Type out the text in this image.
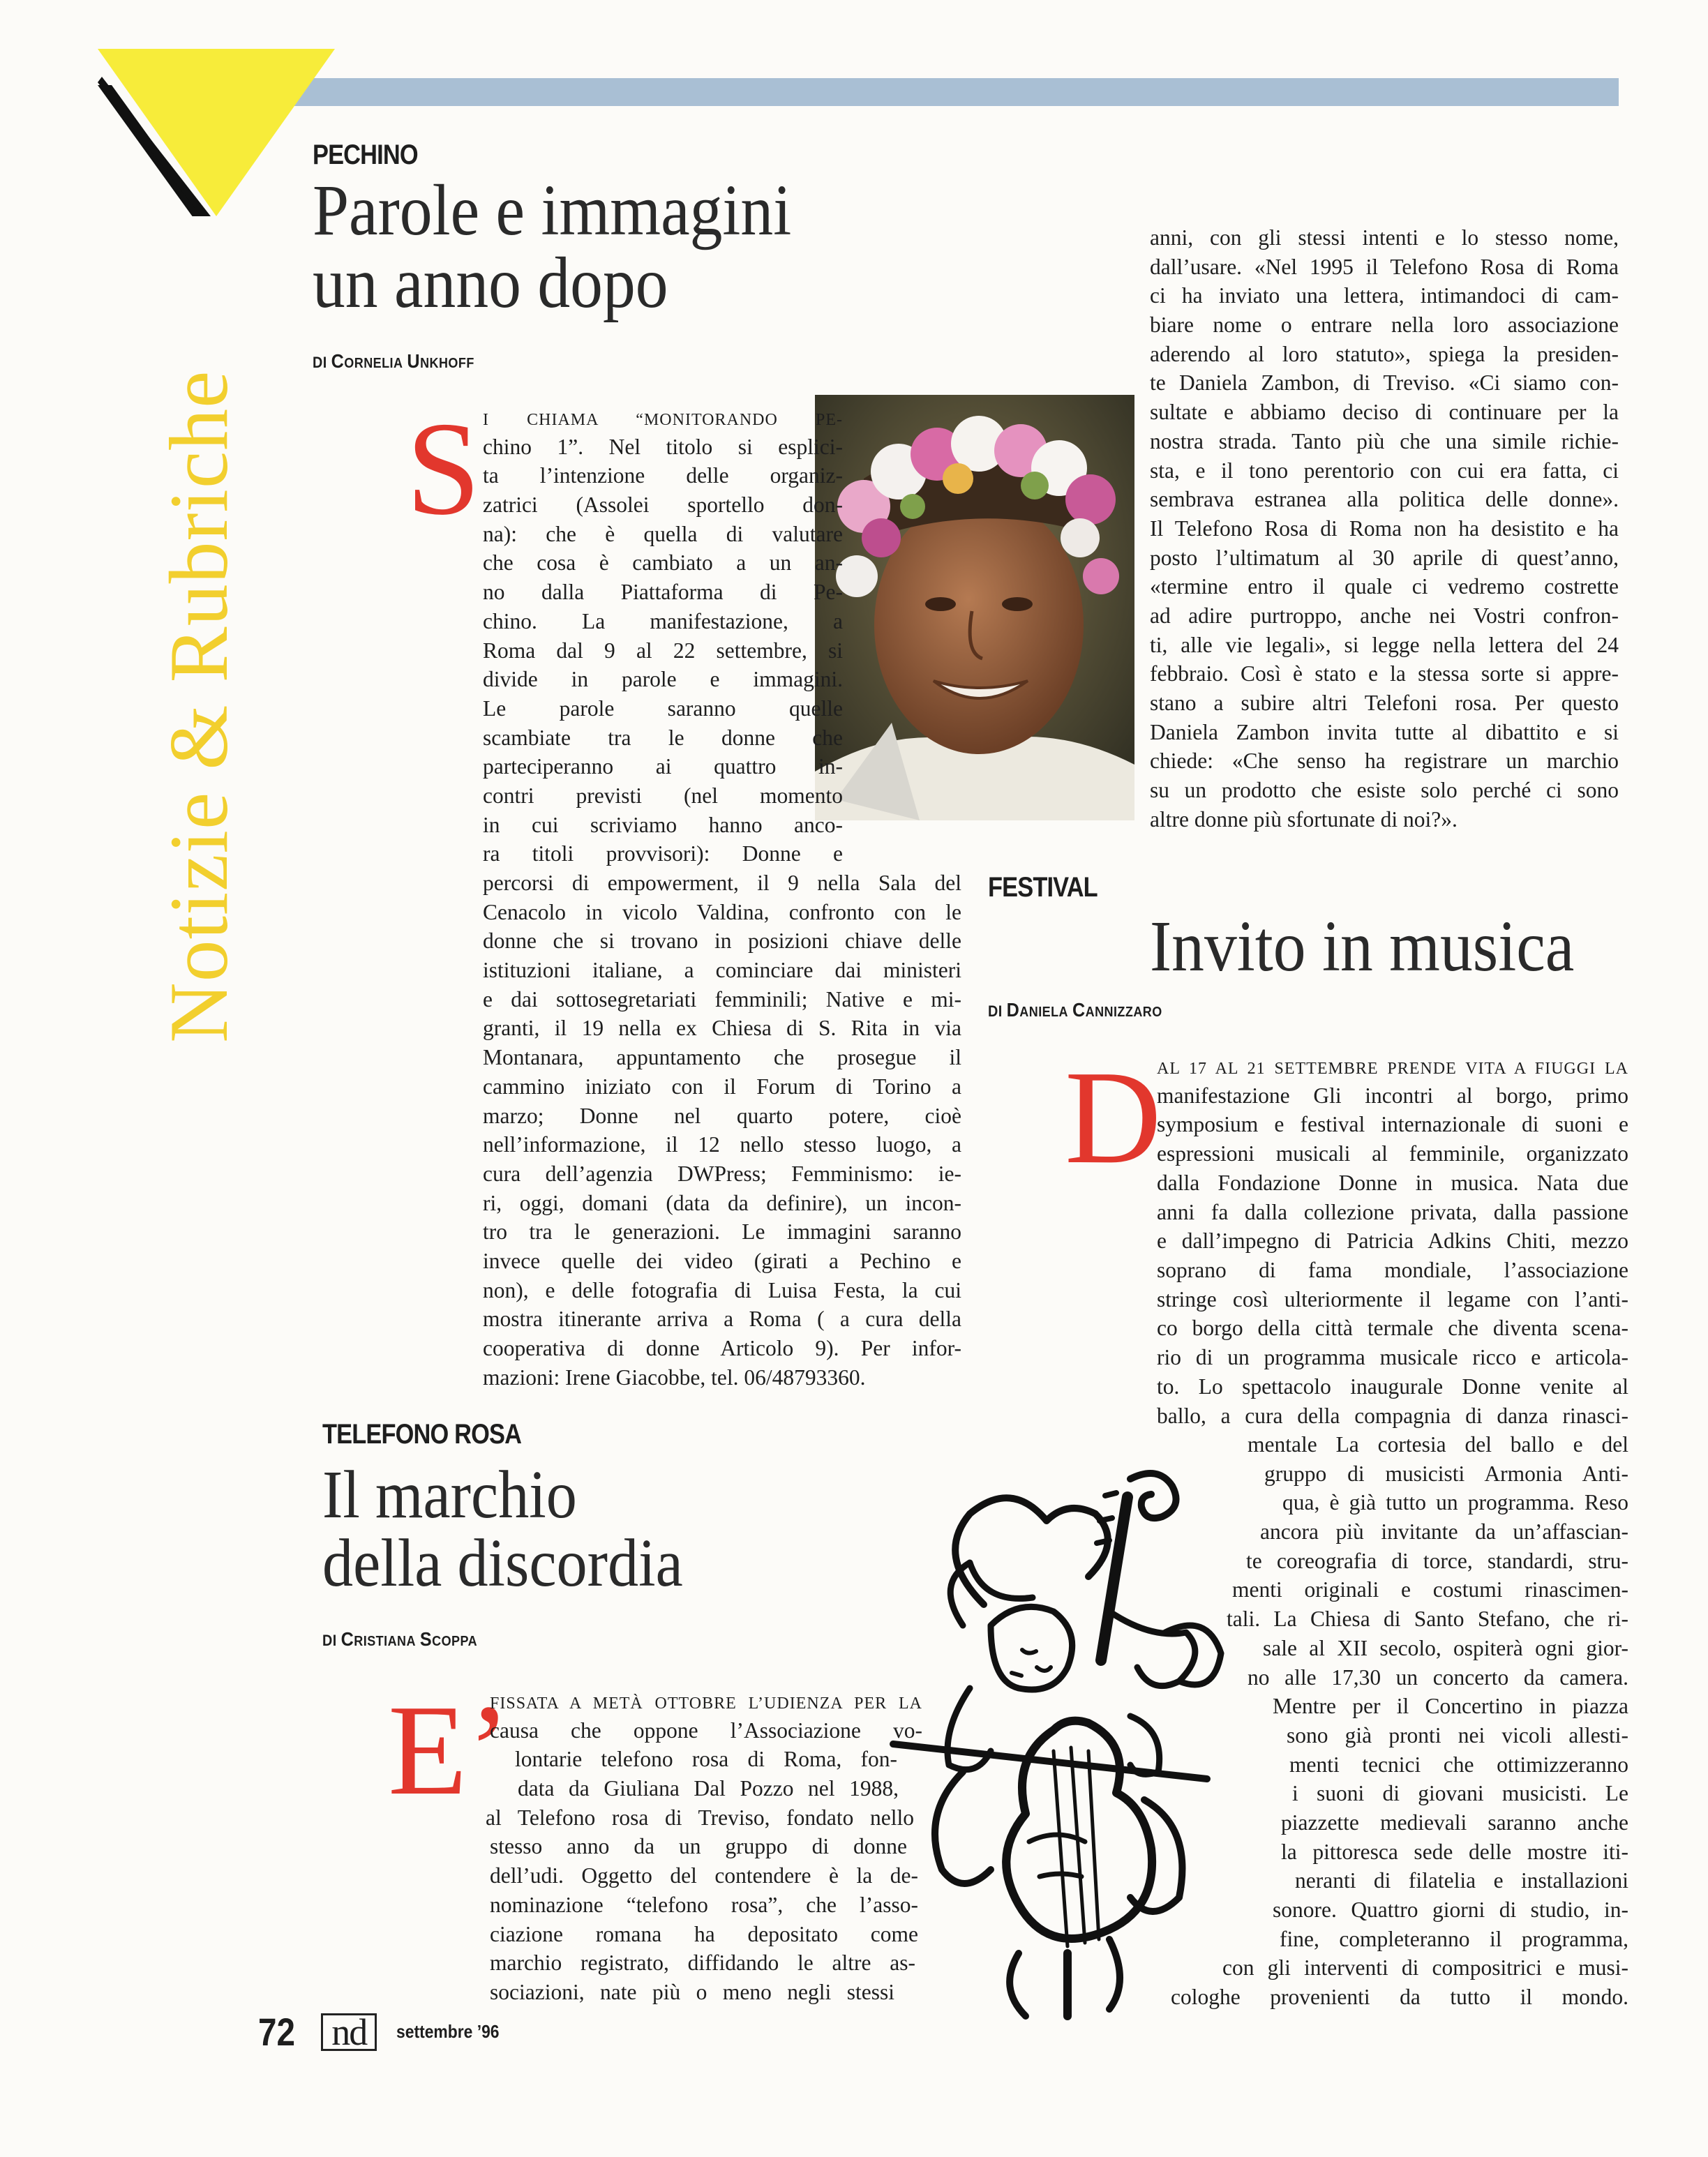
Notizie & Rubriche
PECHINO
Parole e immagini
un anno dopo
DI Cornelia Unkhoff
S I CHIAMA “MONITORANDO PE-
chino 1”. Nel titolo si esplici-
ta l’intenzione delle organiz-
zatrici (Assolei sportello don-
na): che è quella di valutare
che cosa è cambiato a un an-
no dalla Piattaforma di Pe-
chino. La manifestazione, a
Roma dal 9 al 22 settembre, si
divide in parole e immagini.
Le parole saranno quelle
scambiate tra le donne che
parteciperanno ai quattro in-
contri previsti (nel momento
in cui scriviamo hanno anco-
ra titoli provvisori): Donne e
percorsi di empowerment, il 9 nella Sala del
Cenacolo in vicolo Valdina, confronto con le
donne che si trovano in posizioni chiave delle
istituzioni italiane, a cominciare dai ministeri
e dai sottosegretariati femminili; Native e mi-
granti, il 19 nella ex Chiesa di S. Rita in via
Montanara, appuntamento che prosegue il
cammino iniziato con il Forum di Torino a
marzo; Donne nel quarto potere, cioè
nell’informazione, il 12 nello stesso luogo, a
cura dell’agenzia DWPress; Femminismo: ie-
ri, oggi, domani (data da definire), un incon-
tro tra le generazioni. Le immagini saranno
invece quelle dei video (girati a Pechino e
non), e delle fotografia di Luisa Festa, la cui
mostra itinerante arriva a Roma ( a cura della
cooperativa di donne Articolo 9). Per infor-
mazioni: Irene Giacobbe, tel. 06/48793360.
anni, con gli stessi intenti e lo stesso nome,
dall’usare. «Nel 1995 il Telefono Rosa di Roma
ci ha inviato una lettera, intimandoci di cam-
biare nome o entrare nella loro associazione
aderendo al loro statuto», spiega la presiden-
te Daniela Zambon, di Treviso. «Ci siamo con-
sultate e abbiamo deciso di continuare per la
nostra strada. Tanto più che una simile richie-
sta, e il tono perentorio con cui era fatta, ci
sembrava estranea alla politica delle donne».
Il Telefono Rosa di Roma non ha desistito e ha
posto l’ultimatum al 30 aprile di quest’anno,
«termine entro il quale ci vedremo costrette
ad adire purtroppo, anche nei Vostri confron-
ti, alle vie legali», si legge nella lettera del 24
febbraio. Così è stato e la stessa sorte si appre-
stano a subire altri Telefoni rosa. Per questo
Daniela Zambon invita tutte al dibattito e si
chiede: «Che senso ha registrare un marchio
su un prodotto che esiste solo perché ci sono
altre donne più sfortunate di noi?».
FESTIVAL
Invito in musica
DI Daniela Cannizzaro
D
AL 17 AL 21 SETTEMBRE PRENDE VITA A FIUGGI LA
manifestazione Gli incontri al borgo, primo
symposium e festival internazionale di suoni e
espressioni musicali al femminile, organizzato
dalla Fondazione Donne in musica. Nata due
anni fa dalla collezione privata, dalla passione
e dall’impegno di Patricia Adkins Chiti, mezzo
soprano di fama mondiale, l’associazione
stringe così ulteriormente il legame con l’anti-
co borgo della città termale che diventa scena-
rio di un programma musicale ricco e articola-
to. Lo spettacolo inaugurale Donne venite al
ballo, a cura della compagnia di danza rinasci-
mentale La cortesia del ballo e del
gruppo di musicisti Armonia Anti-
qua, è già tutto un programma. Reso
ancora più invitante da un’affascian-
te coreografia di torce, standardi, stru-
menti originali e costumi rinascimen-
tali. La Chiesa di Santo Stefano, che ri-
sale al XII secolo, ospiterà ogni gior-
no alle 17,30 un concerto da camera.
Mentre per il Concertino in piazza
sono già pronti nei vicoli allesti-
menti tecnici che ottimizzeranno
i suoni di giovani musicisti. Le
piazzette medievali saranno anche
la pittoresca sede delle mostre iti-
neranti di filatelia e installazioni
sonore. Quattro giorni di studio, in-
fine, completeranno il programma,
con gli interventi di compositrici e musi-
cologhe provenienti da tutto il mondo.
TELEFONO ROSA
Il marchio
della discordia
DI Cristiana Scoppa
E’
FISSATA A METÀ OTTOBRE L’UDIENZA PER LA
causa che oppone l’Associazione vo-
lontarie telefono rosa di Roma, fon-
data da Giuliana Dal Pozzo nel 1988,
al Telefono rosa di Treviso, fondato nello
stesso anno da un gruppo di donne
dell’udi. Oggetto del contendere è la de-
nominazione “telefono rosa”, che l’asso-
ciazione romana ha depositato come
marchio registrato, diffidando le altre as-
sociazioni, nate più o meno negli stessi
72 nd	settembre ’96
